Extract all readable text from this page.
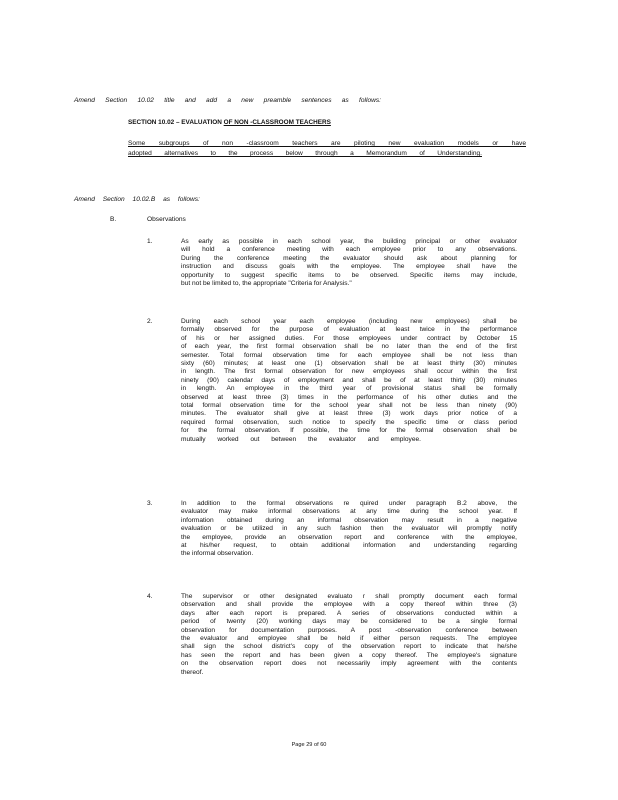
Amend Section 10.02 title and add a new preamble sentences as follows:
SECTION 10.02 – EVALUATION OF NON -CLASSROOM TEACHERS
Some subgroups of non -classroom teachers are piloting new evaluation models or have
adopted alternatives to the process below through a Memorandum of Understanding.
Amend Section 10.02.B as follows:
B.	Observations
1.	As early as possible in each school year, the building principal or other evaluator
will hold a conference meeting with each employee prior to any observations.
During the conference meeting the evaluator should ask about planning for
instruction and discuss goals with the employee. The employee shall have the
opportunity to suggest specific items to be observed. Specific items may include,
but not be limited to, the appropriate "Criteria for Analysis."
2.	During each school year each employee (including new employees) shall be
formally observed for the purpose of evaluation at least twice in the performance
of his or her assigned duties. For those employees under contract by October 15
of each year, the first formal observation shall be no later than the end of the first
semester. Total formal observation time for each employee shall be not less than
sixty (60) minutes; at least one (1) observation shall be at least thirty (30) minutes
in length. The first formal observation for new employees shall occur within the first
ninety (90) calendar days of employment and shall be of at least thirty (30) minutes
in length. An employee in the third year of provisional status shall be formally
observed at least three (3) times in the performance of his other duties and the
total formal observation time for the school year shall not be less than ninety (90)
minutes. The evaluator shall give at least three (3) work days prior notice of a
required formal observation, such notice to specify the specific time or class period
for the formal observation. If possible, the time for the formal observation shall be
mutually worked out between the evaluator and employee.
3.	In addition to the formal observations re quired under paragraph B.2 above, the
evaluator may make informal observations at any time during the school year. If
information obtained during an informal observation may result in a negative
evaluation or be utilized in any such fashion then the evaluator will promptly notify
the employee, provide an observation report and conference with the employee,
at his/her request, to obtain additional information and understanding regarding
the informal observation.
4.	The supervisor or other designated evaluato r shall promptly document each formal
observation and shall provide the employee with a copy thereof within three (3)
days after each report is prepared. A series of observations conducted within a
period of twenty (20) working days may be considered to be a single formal
observation for documentation purposes. A post -observation conference between
the evaluator and employee shall be held if either person requests. The employee
shall sign the school district's copy of the observation report to indicate that he/she
has seen the report and has been given a copy thereof. The employee's signature
on the observation report does not necessarily imply agreement with the contents
thereof.
Page 29 of 60
